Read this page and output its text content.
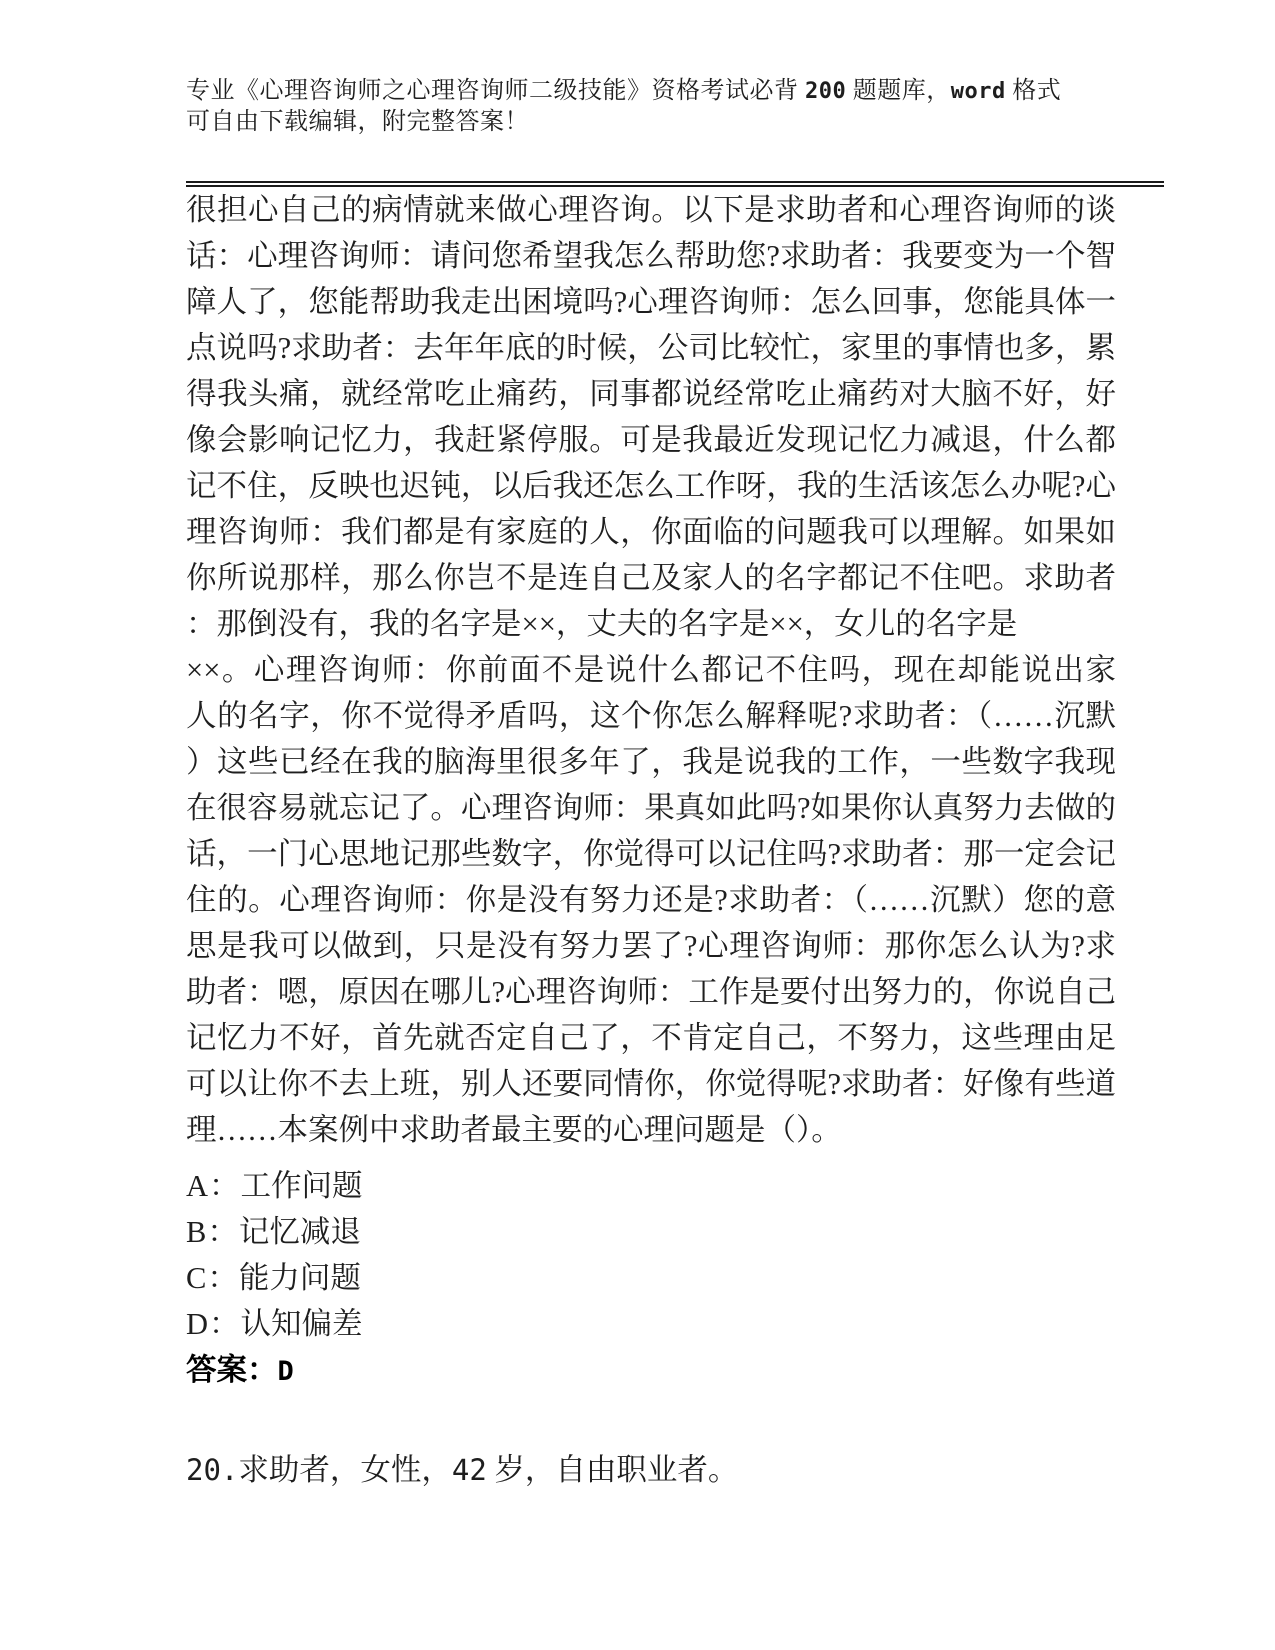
专业《心理咨询师之心理咨询师二级技能》资格考试必背 200 题题库，word 格式
可自由下载编辑，附完整答案！
很担心自己的病情就来做心理咨询。以下是求助者和心理咨询师的谈
话：心理咨询师：请问您希望我怎么帮助您?求助者：我要变为一个智
障人了，您能帮助我走出困境吗?心理咨询师：怎么回事，您能具体一
点说吗?求助者：去年年底的时候，公司比较忙，家里的事情也多，累
得我头痛，就经常吃止痛药，同事都说经常吃止痛药对大脑不好，好
像会影响记忆力，我赶紧停服。可是我最近发现记忆力减退，什么都
记不住，反映也迟钝，以后我还怎么工作呀，我的生活该怎么办呢?心
理咨询师：我们都是有家庭的人，你面临的问题我可以理解。如果如
你所说那样，那么你岂不是连自己及家人的名字都记不住吧。求助者
：那倒没有，我的名字是××，丈夫的名字是××，女儿的名字是
××。心理咨询师：你前面不是说什么都记不住吗，现在却能说出家
人的名字，你不觉得矛盾吗，这个你怎么解释呢?求助者：（……沉默
）这些已经在我的脑海里很多年了，我是说我的工作，一些数字我现
在很容易就忘记了。心理咨询师：果真如此吗?如果你认真努力去做的
话，一门心思地记那些数字，你觉得可以记住吗?求助者：那一定会记
住的。心理咨询师：你是没有努力还是?求助者：（……沉默）您的意
思是我可以做到，只是没有努力罢了?心理咨询师：那你怎么认为?求
助者：嗯，原因在哪儿?心理咨询师：工作是要付出努力的，你说自己
记忆力不好，首先就否定自己了，不肯定自己，不努力，这些理由足
可以让你不去上班，别人还要同情你，你觉得呢?求助者：好像有些道
理……本案例中求助者最主要的心理问题是（）。
A：工作问题
B：记忆减退
C：能力问题
D：认知偏差
答案：D
20.求助者，女性，42 岁，自由职业者。
